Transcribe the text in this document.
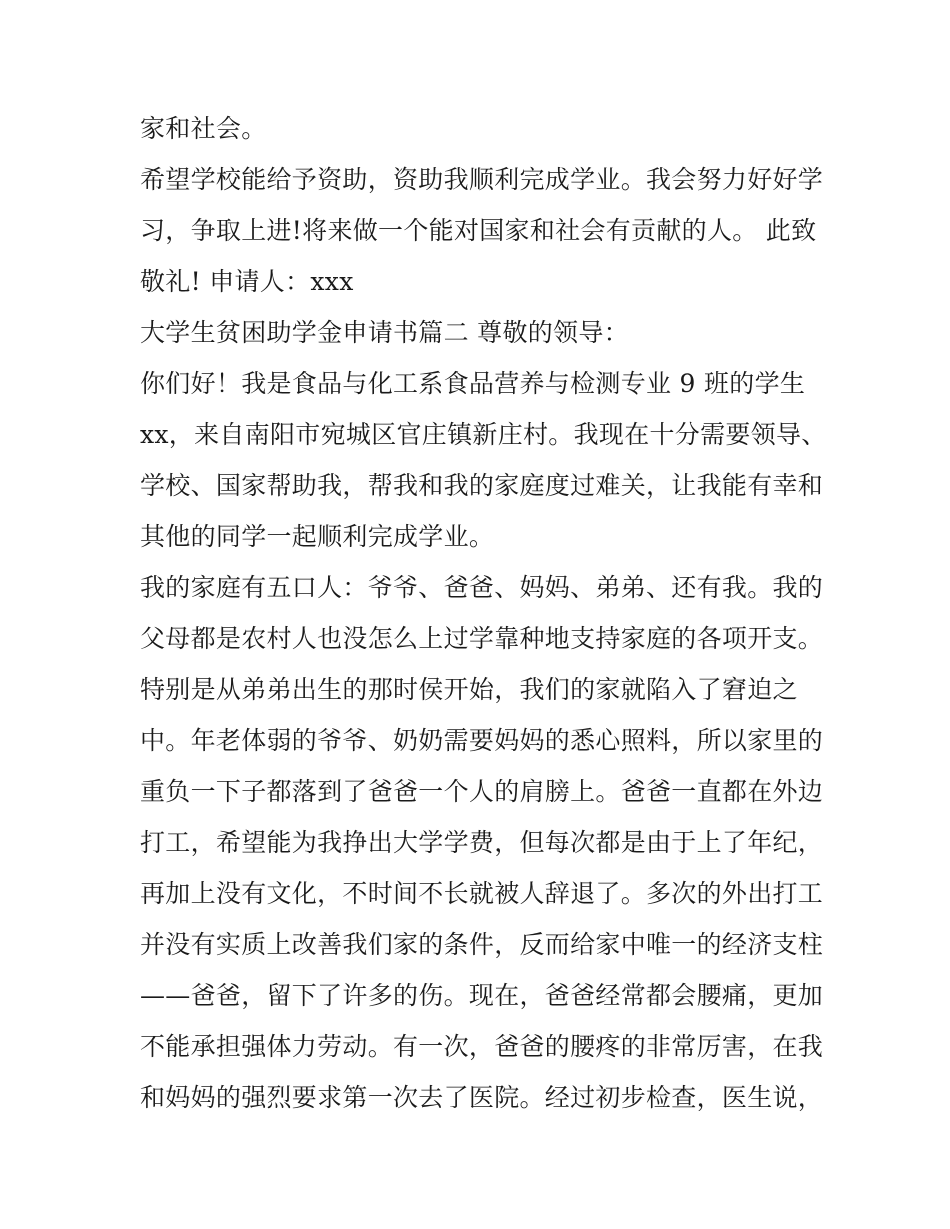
家和社会。

希望学校能给予资助，资助我顺利完成学业。我会努力好好学

习，争取上进!将来做一个能对国家和社会有贡献的人。 此致

敬礼! 申请人：xxx

大学生贫困助学金申请书篇二 尊敬的领导：

你们好！我是食品与化工系食品营养与检测专业 9 班的学生

xx，来自南阳市宛城区官庄镇新庄村。我现在十分需要领导、

学校、国家帮助我，帮我和我的家庭度过难关，让我能有幸和

其他的同学一起顺利完成学业。

我的家庭有五口人：爷爷、爸爸、妈妈、弟弟、还有我。我的

父母都是农村人也没怎么上过学靠种地支持家庭的各项开支。

特别是从弟弟出生的那时侯开始，我们的家就陷入了窘迫之

中。年老体弱的爷爷、奶奶需要妈妈的悉心照料，所以家里的

重负一下子都落到了爸爸一个人的肩膀上。爸爸一直都在外边

打工，希望能为我挣出大学学费，但每次都是由于上了年纪，

再加上没有文化，不时间不长就被人辞退了。多次的外出打工

并没有实质上改善我们家的条件，反而给家中唯一的经济支柱

——爸爸，留下了许多的伤。现在，爸爸经常都会腰痛，更加

不能承担强体力劳动。有一次，爸爸的腰疼的非常厉害，在我

和妈妈的强烈要求第一次去了医院。经过初步检查，医生说，
